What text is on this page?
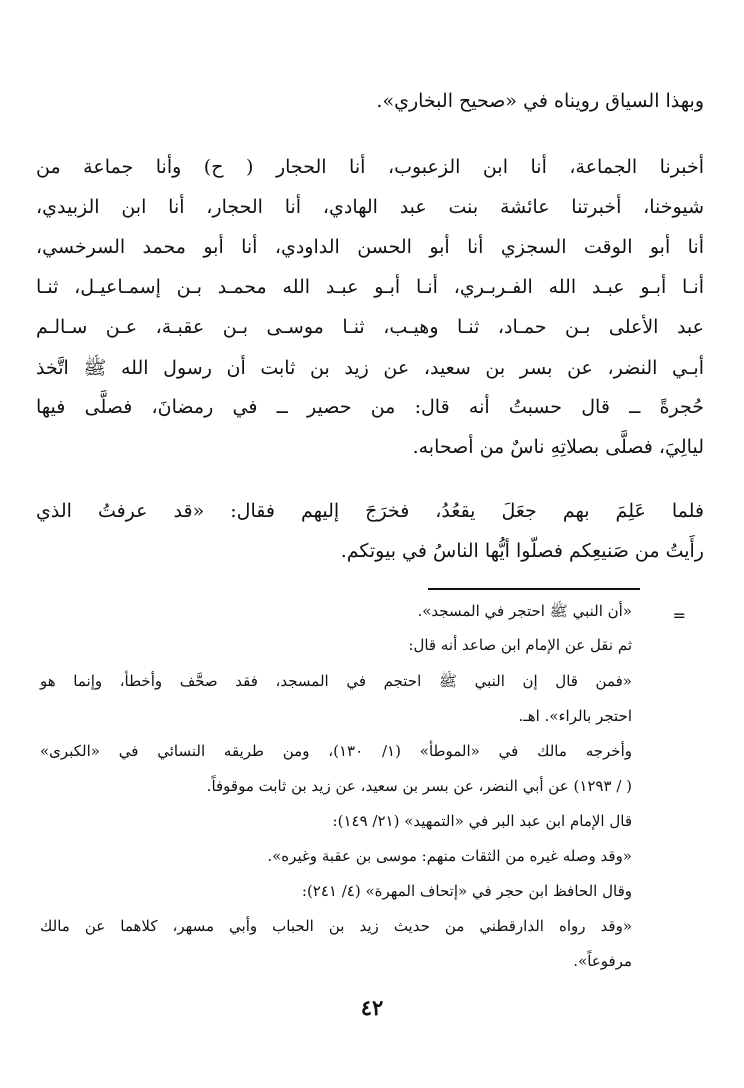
وبهذا السياق رويناه في «صحيح البخاري».

أخبرنا الجماعة، أنا ابن الزعبوب، أنا الحجار ( ح) وأنا جماعة من

شيوخنا، أخبرتنا عائشة بنت عبد الهادي، أنا الحجار، أنا ابن الزبيدي،

أنا أبو الوقت السجزي أنا أبو الحسن الداودي، أنا أبو محمد السرخسي،

أنـا أبـو عبـد الله الفـربـري، أنـا أبـو عبـد الله محمـد بـن إسمـاعيـل، ثنـا

عبد الأعلى بـن حمـاد، ثنـا وهيـب، ثنـا موسـى بـن عقبـة، عـن سـالـم

أبـي النضر، عن بسر بن سعيد، عن زيد بن ثابت أن رسول الله ﷺ اتَّخذ

حُجرةً ــ قال حسبتُ أنه قال: من حصير ــ في رمضانَ، فصلَّى فيها

ليالِيَ، فصلَّى بصلاتِهِ ناسٌ من أصحابه.

فلما عَلِمَ بهم جعَلَ يقعُدُ، فخرَجَ إليهم فقال: «قد عرفتُ الذي

رأَيتُ من صَنيعِكم فصلّوا أيُّها الناسُ في بيوتكم.

=

«أن النبي ﷺ احتجر في المسجد».

ثم نقل عن الإمام ابن صاعد أنه قال:

«فمن قال إن النبي ﷺ احتجم في المسجد، فقد صحَّف وأخطأ، وإنما هو

احتجر بالراء». اهـ.

وأخرجه مالك في «الموطأ» (١/ ١٣٠)، ومن طريقه النسائي في «الكبرى»

( / ١٢٩٣) عن أبي النضر، عن بسر بن سعيد، عن زيد بن ثابت موقوفاً.

قال الإمام ابن عبد البر في «التمهيد» (٢١/ ١٤٩):

«وقد وصله غيره من الثقات منهم: موسى بن عقبة وغيره».

وقال الحافظ ابن حجر في «إتحاف المهرة» (٤/ ٢٤١):

«وقد رواه الدارقطني من حديث زيد بن الحباب وأبي مسهر، كلاهما عن مالك

مرفوعاً».

٤٢
